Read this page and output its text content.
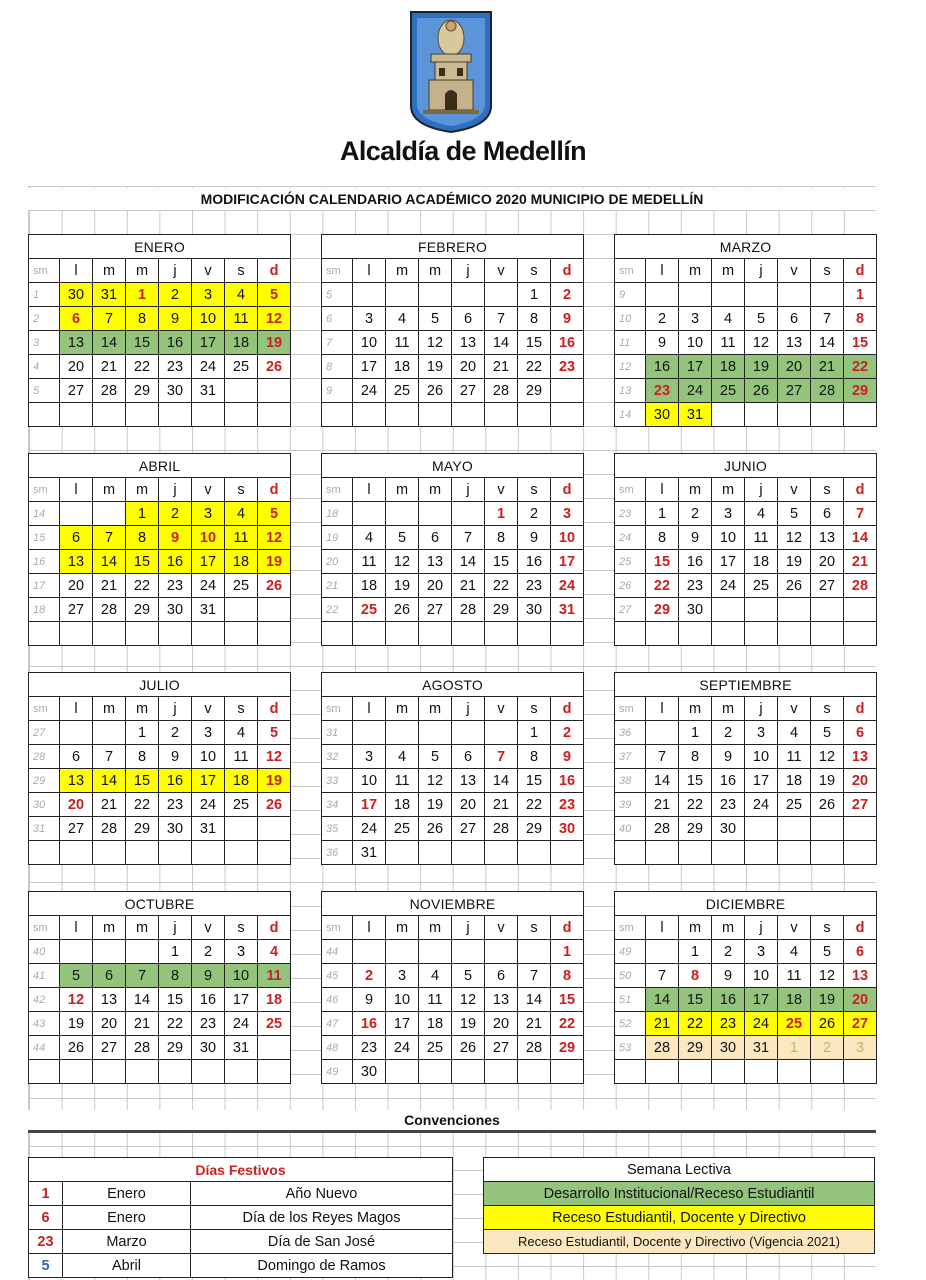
Alcaldía de Medellín
MODIFICACIÓN CALENDARIO ACADÉMICO 2020 MUNICIPIO DE MEDELLÍN
ENERO							
sm	l	m	m	j	v	s	d
1	30	31	1	2	3	4	5
2	6	7	8	9	10	11	12
3	13	14	15	16	17	18	19
4	20	21	22	23	24	25	26
5	27	28	29	30	31		

FEBRERO							
sm	l	m	m	j	v	s	d
5						1	2
6	3	4	5	6	7	8	9
7	10	11	12	13	14	15	16
8	17	18	19	20	21	22	23
9	24	25	26	27	28	29	

MARZO							
sm	l	m	m	j	v	s	d
9							1
10	2	3	4	5	6	7	8
11	9	10	11	12	13	14	15
12	16	17	18	19	20	21	22
13	23	24	25	26	27	28	29
14	30	31					
ABRIL							
sm	l	m	m	j	v	s	d
14			1	2	3	4	5
15	6	7	8	9	10	11	12
16	13	14	15	16	17	18	19
17	20	21	22	23	24	25	26
18	27	28	29	30	31		

MAYO							
sm	l	m	m	j	v	s	d
18					1	2	3
19	4	5	6	7	8	9	10
20	11	12	13	14	15	16	17
21	18	19	20	21	22	23	24
22	25	26	27	28	29	30	31

JUNIO							
sm	l	m	m	j	v	s	d
23	1	2	3	4	5	6	7
24	8	9	10	11	12	13	14
25	15	16	17	18	19	20	21
26	22	23	24	25	26	27	28
27	29	30					

JULIO							
sm	l	m	m	j	v	s	d
27			1	2	3	4	5
28	6	7	8	9	10	11	12
29	13	14	15	16	17	18	19
30	20	21	22	23	24	25	26
31	27	28	29	30	31		

AGOSTO							
sm	l	m	m	j	v	s	d
31						1	2
32	3	4	5	6	7	8	9
33	10	11	12	13	14	15	16
34	17	18	19	20	21	22	23
35	24	25	26	27	28	29	30
36	31						
SEPTIEMBRE							
sm	l	m	m	j	v	s	d
36		1	2	3	4	5	6
37	7	8	9	10	11	12	13
38	14	15	16	17	18	19	20
39	21	22	23	24	25	26	27
40	28	29	30				

OCTUBRE							
sm	l	m	m	j	v	s	d
40				1	2	3	4
41	5	6	7	8	9	10	11
42	12	13	14	15	16	17	18
43	19	20	21	22	23	24	25
44	26	27	28	29	30	31	

NOVIEMBRE							
sm	l	m	m	j	v	s	d
44							1
45	2	3	4	5	6	7	8
46	9	10	11	12	13	14	15
47	16	17	18	19	20	21	22
48	23	24	25	26	27	28	29
49	30						
DICIEMBRE							
sm	l	m	m	j	v	s	d
49		1	2	3	4	5	6
50	7	8	9	10	11	12	13
51	14	15	16	17	18	19	20
52	21	22	23	24	25	26	27
53	28	29	30	31	1	2	3

Convenciones
Días Festivos		
1	Enero	Año Nuevo
6	Enero	Día de los Reyes Magos
23	Marzo	Día de San José
5	Abril	Domingo de Ramos
Semana Lectiva
Desarrollo Institucional/Receso Estudiantil
Receso Estudiantil, Docente y Directivo
Receso Estudiantil, Docente y Directivo (Vigencia 2021)
